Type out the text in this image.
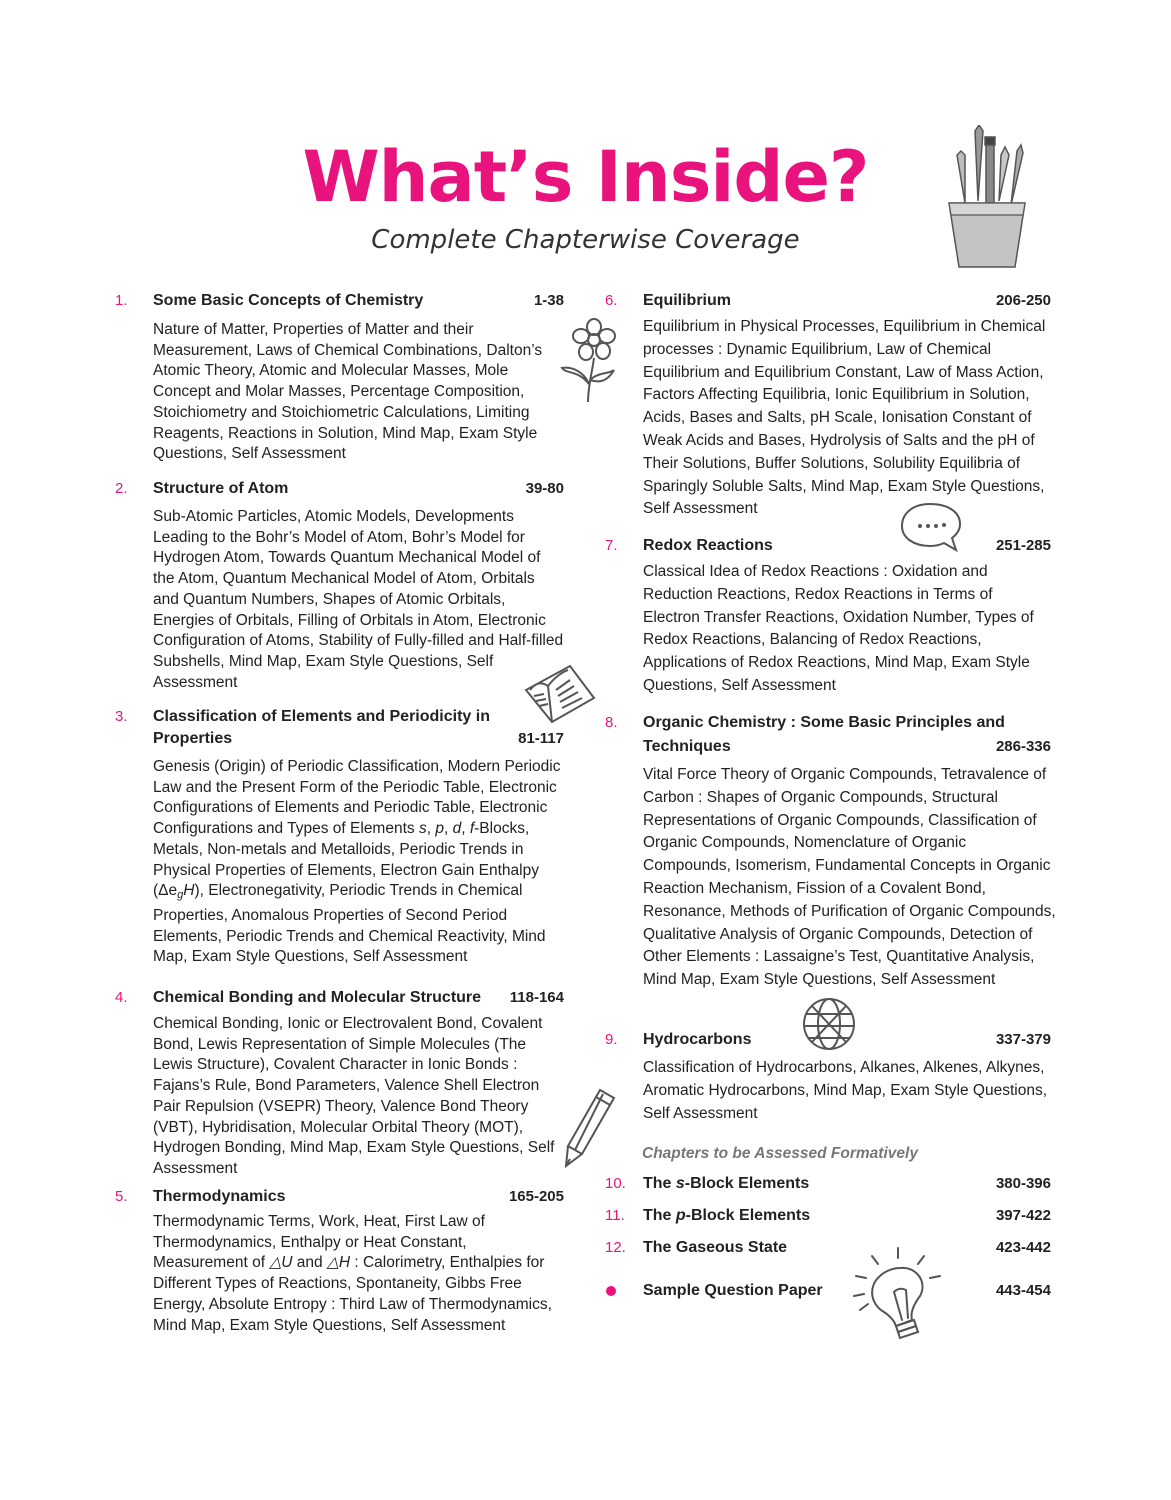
What’s Inside?
Complete Chapterwise Coverage
1.	Some Basic Concepts of Chemistry	1-38
Nature of Matter, Properties of Matter and their Measurement, Laws of Chemical Combinations, Dalton’s Atomic Theory, Atomic and Molecular Masses, Mole Concept and Molar Masses, Percentage Composition, Stoichiometry and Stoichiometric Calculations, Limiting Reagents, Reactions in Solution, Mind Map, Exam Style Questions, Self Assessment
2.	Structure of Atom	39-80
Sub-Atomic Particles, Atomic Models, Developments Leading to the Bohr’s Model of Atom, Bohr’s Model for Hydrogen Atom, Towards Quantum Mechanical Model of the Atom, Quantum Mechanical Model of Atom, Orbitals and Quantum Numbers, Shapes of Atomic Orbitals, Energies of Orbitals, Filling of Orbitals in Atom, Electronic Configuration of Atoms, Stability of Fully-filled and Half-filled Subshells, Mind Map, Exam Style Questions, Self Assessment
3.	Classification of Elements and Periodicity in
Properties	81-117
Genesis (Origin) of Periodic Classification, Modern Periodic Law and the Present Form of the Periodic Table, Electronic Configurations of Elements and Periodic Table, Electronic Configurations and Types of Elements s, p, d, f-Blocks, Metals, Non-metals and Metalloids, Periodic Trends in Physical Properties of Elements, Electron Gain Enthalpy $(\Delta e_gH)$, Electronegativity, Periodic Trends in Chemical Properties, Anomalous Properties of Second Period Elements, Periodic Trends and Chemical Reactivity, Mind Map, Exam Style Questions, Self Assessment
4.	Chemical Bonding and Molecular Structure 118-164
Chemical Bonding, Ionic or Electrovalent Bond, Covalent Bond, Lewis Representation of Simple Molecules (The Lewis Structure), Covalent Character in Ionic Bonds : Fajans’s Rule, Bond Parameters, Valence Shell Electron Pair Repulsion (VSEPR) Theory, Valence Bond Theory (VBT), Hybridisation, Molecular Orbital Theory (MOT), Hydrogen Bonding, Mind Map, Exam Style Questions, Self Assessment
5.	Thermodynamics	165-205
Thermodynamic Terms, Work, Heat, First Law of Thermodynamics, Enthalpy or Heat Constant, Measurement of △U and △H : Calorimetry, Enthalpies for Different Types of Reactions, Spontaneity, Gibbs Free Energy, Absolute Entropy : Third Law of Thermodynamics, Mind Map, Exam Style Questions, Self Assessment
6.	Equilibrium	206-250
Equilibrium in Physical Processes, Equilibrium in Chemical processes : Dynamic Equilibrium, Law of Chemical Equilibrium and Equilibrium Constant, Law of Mass Action, Factors Affecting Equilibria, Ionic Equilibrium in Solution, Acids, Bases and Salts, pH Scale, Ionisation Constant of Weak Acids and Bases, Hydrolysis of Salts and the pH of Their Solutions, Buffer Solutions, Solubility Equilibria of Sparingly Soluble Salts, Mind Map, Exam Style Questions, Self Assessment
7.	Redox Reactions	251-285
Classical Idea of Redox Reactions : Oxidation and Reduction Reactions, Redox Reactions in Terms of Electron Transfer Reactions, Oxidation Number, Types of Redox Reactions, Balancing of Redox Reactions, Applications of Redox Reactions, Mind Map, Exam Style Questions, Self Assessment
8.	Organic Chemistry : Some Basic Principles and
Techniques	286-336
Vital Force Theory of Organic Compounds, Tetravalence of Carbon : Shapes of Organic Compounds, Structural Representations of Organic Compounds, Classification of Organic Compounds, Nomenclature of Organic Compounds, Isomerism, Fundamental Concepts in Organic Reaction Mechanism, Fission of a Covalent Bond, Resonance, Methods of Purification of Organic Compounds, Qualitative Analysis of Organic Compounds, Detection of Other Elements : Lassaigne’s Test, Quantitative Analysis, Mind Map, Exam Style Questions, Self Assessment
9.	Hydrocarbons	337-379
Classification of Hydrocarbons, Alkanes, Alkenes, Alkynes, Aromatic Hydrocarbons, Mind Map, Exam Style Questions, Self Assessment
Chapters to be Assessed Formatively
10.	The s-Block Elements	380-396
11.	The p-Block Elements	397-422
12.	The Gaseous State	423-442
Sample Question Paper	443-454
